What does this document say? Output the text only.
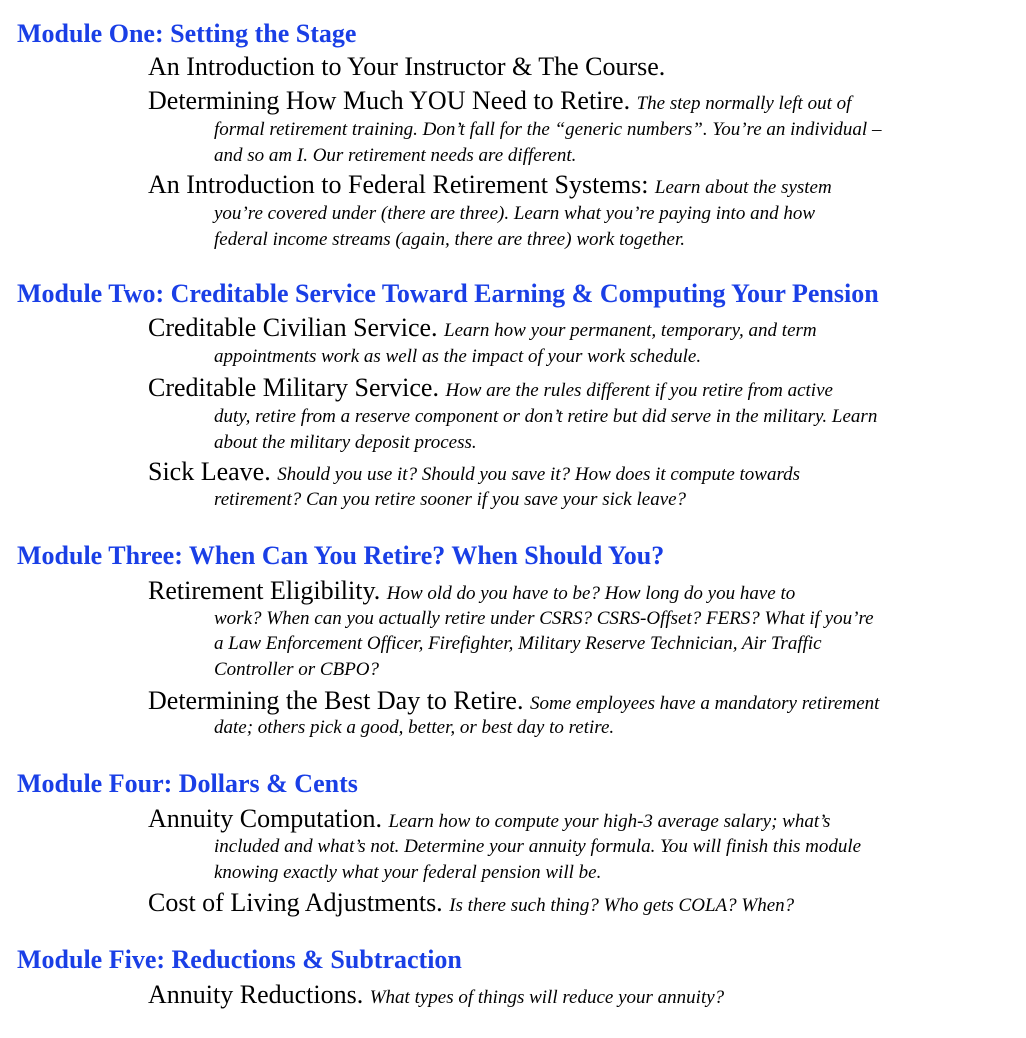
Module One: Setting the Stage

An Introduction to Your Instructor & The Course.

Determining How Much YOU Need to Retire. The step normally left out of

formal retirement training. Don’t fall for the “generic numbers”. You’re an individual –

and so am I. Our retirement needs are different.

An Introduction to Federal Retirement Systems: Learn about the system

you’re covered under (there are three). Learn what you’re paying into and how

federal income streams (again, there are three) work together.

Module Two: Creditable Service Toward Earning & Computing Your Pension

Creditable Civilian Service. Learn how your permanent, temporary, and term

appointments work as well as the impact of your work schedule.

Creditable Military Service. How are the rules different if you retire from active

duty, retire from a reserve component or don’t retire but did serve in the military. Learn

about the military deposit process.

Sick Leave. Should you use it? Should you save it? How does it compute towards

retirement? Can you retire sooner if you save your sick leave?

Module Three: When Can You Retire? When Should You?

Retirement Eligibility. How old do you have to be? How long do you have to

work? When can you actually retire under CSRS? CSRS-Offset? FERS? What if you’re

a Law Enforcement Officer, Firefighter, Military Reserve Technician, Air Traffic

Controller or CBPO?

Determining the Best Day to Retire. Some employees have a mandatory retirement

date; others pick a good, better, or best day to retire.

Module Four: Dollars & Cents

Annuity Computation. Learn how to compute your high-3 average salary; what’s

included and what’s not. Determine your annuity formula. You will finish this module

knowing exactly what your federal pension will be.

Cost of Living Adjustments. Is there such thing? Who gets COLA? When?

Module Five: Reductions & Subtraction

Annuity Reductions. What types of things will reduce your annuity?
